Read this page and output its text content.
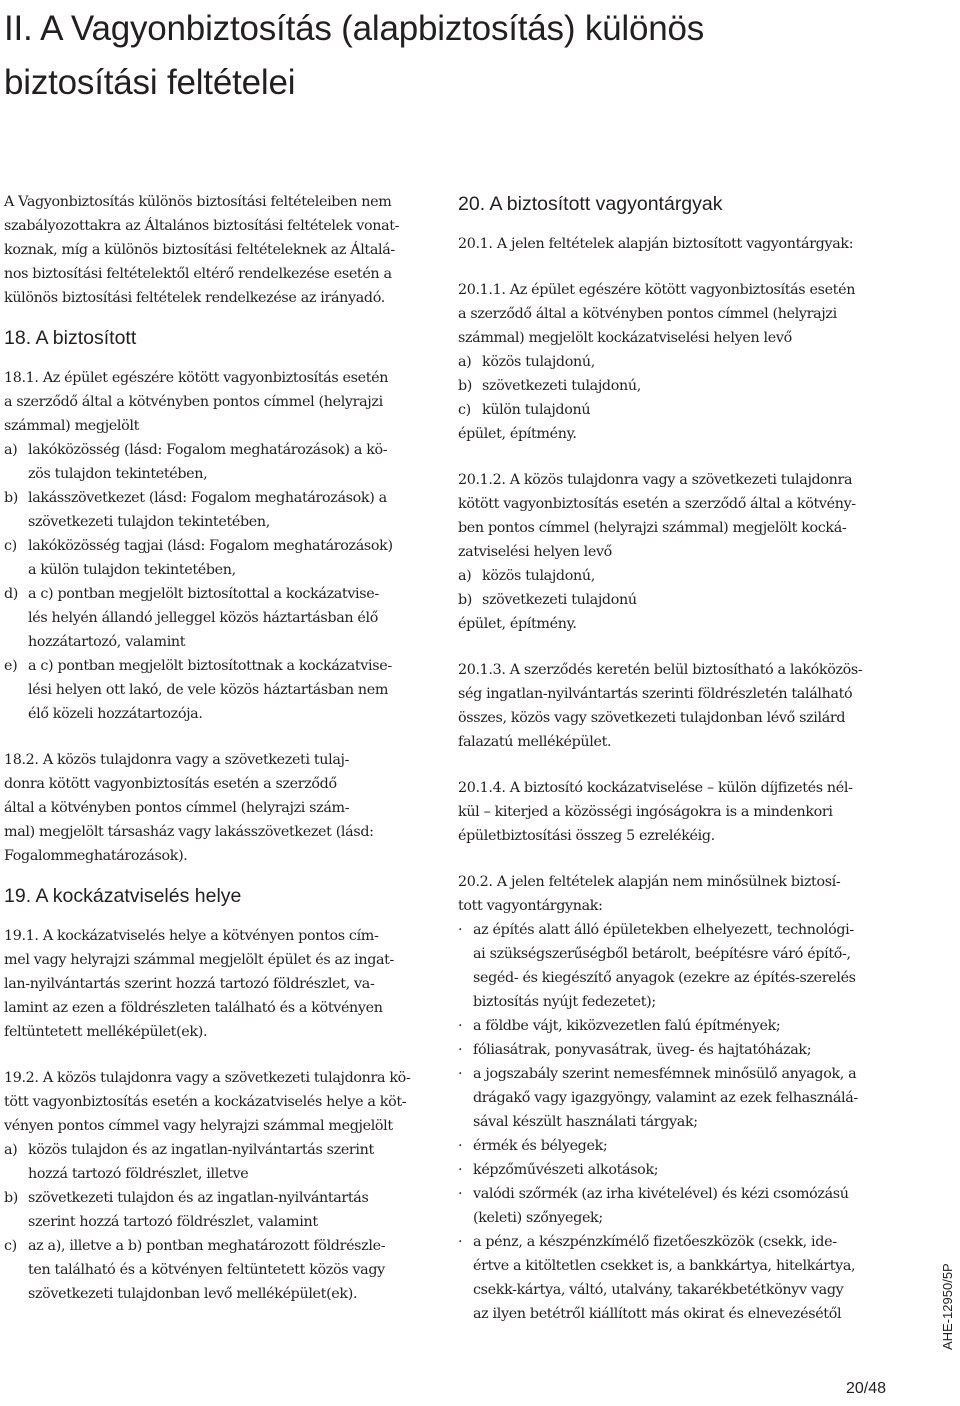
II. A Vagyonbiztosítás (alapbiztosítás) különös
biztosítási feltételei
A Vagyonbiztosítás különös biztosítási feltételeiben nem
szabályozottakra az Általános biztosítási feltételek vonat-
koznak, míg a különös biztosítási feltételeknek az Általá-
nos biztosítási feltételektől eltérő rendelkezése esetén a
különös biztosítási feltételek rendelkezése az irányadó.
18. A biztosított
18.1. Az épület egészére kötött vagyonbiztosítás esetén
a szerződő által a kötvényben pontos címmel (helyrajzi
számmal) megjelölt
a) lakóközösség (lásd: Fogalom meghatározások) a kö-
zös tulajdon tekintetében,
b) lakásszövetkezet (lásd: Fogalom meghatározások) a
szövetkezeti tulajdon tekintetében,
c) lakóközösség tagjai (lásd: Fogalom meghatározások)
a külön tulajdon tekintetében,
d) a c) pontban megjelölt biztosítottal a kockázatvise-
lés helyén állandó jelleggel közös háztartásban élő
hozzátartozó, valamint
e) a c) pontban megjelölt biztosítottnak a kockázatvise-
lési helyen ott lakó, de vele közös háztartásban nem
élő közeli hozzátartozója.
18.2. A közös tulajdonra vagy a szövetkezeti tulaj-
donra kötött vagyonbiztosítás esetén a szerződő
által a kötvényben pontos címmel (helyrajzi szám-
mal) megjelölt társasház vagy lakásszövetkezet (lásd:
Fogalommeghatározások).
19. A kockázatviselés helye
19.1. A kockázatviselés helye a kötvényen pontos cím-
mel vagy helyrajzi számmal megjelölt épület és az ingat-
lan-nyilvántartás szerint hozzá tartozó földrészlet, va-
lamint az ezen a földrészleten található és a kötvényen
feltüntetett melléképület(ek).
19.2. A közös tulajdonra vagy a szövetkezeti tulajdonra kö-
tött vagyonbiztosítás esetén a kockázatviselés helye a köt-
vényen pontos címmel vagy helyrajzi számmal megjelölt
a) közös tulajdon és az ingatlan-nyilvántartás szerint
hozzá tartozó földrészlet, illetve
b) szövetkezeti tulajdon és az ingatlan-nyilvántartás
szerint hozzá tartozó földrészlet, valamint
c) az a), illetve a b) pontban meghatározott földrészle-
ten található és a kötvényen feltüntetett közös vagy
szövetkezeti tulajdonban levő melléképület(ek).
20. A biztosított vagyontárgyak
20.1. A jelen feltételek alapján biztosított vagyontárgyak:
20.1.1. Az épület egészére kötött vagyonbiztosítás esetén
a szerződő által a kötvényben pontos címmel (helyrajzi
számmal) megjelölt kockázatviselési helyen levő
a) közös tulajdonú,
b) szövetkezeti tulajdonú,
c) külön tulajdonú
épület, építmény.
20.1.2. A közös tulajdonra vagy a szövetkezeti tulajdonra
kötött vagyonbiztosítás esetén a szerződő által a kötvény-
ben pontos címmel (helyrajzi számmal) megjelölt kocká-
zatviselési helyen levő
a) közös tulajdonú,
b) szövetkezeti tulajdonú
épület, építmény.
20.1.3. A szerződés keretén belül biztosítható a lakóközös-
ség ingatlan-nyilvántartás szerinti földrészletén található
összes, közös vagy szövetkezeti tulajdonban lévő szilárd
falazatú melléképület.
20.1.4. A biztosító kockázatviselése – külön díjfizetés nél-
kül – kiterjed a közösségi ingóságokra is a mindenkori
épületbiztosítási összeg 5 ezrelékéig.
20.2. A jelen feltételek alapján nem minősülnek biztosí-
tott vagyontárgynak:
· az építés alatt álló épületekben elhelyezett, technológi-
ai szükségszerűségből betárolt, beépítésre váró építő-,
segéd- és kiegészítő anyagok (ezekre az építés-szerelés
biztosítás nyújt fedezetet);
· a földbe vájt, kiközvezetlen falú építmények;
· fóliasátrak, ponyvasátrak, üveg- és hajtatóházak;
· a jogszabály szerint nemesfémnek minősülő anyagok, a
drágakő vagy igazgyöngy, valamint az ezek felhasználá-
sával készült használati tárgyak;
· érmék és bélyegek;
· képzőművészeti alkotások;
· valódi szőrmék (az irha kivételével) és kézi csomózású
(keleti) szőnyegek;
· a pénz, a készpénzkímélő fizetőeszközök (csekk, ide-
értve a kitöltetlen csekket is, a bankkártya, hitelkártya,
csekk-kártya, váltó, utalvány, takarékbetétkönyv vagy
az ilyen betétről kiállított más okirat és elnevezésétől	AHE-12950/5P
20/48
